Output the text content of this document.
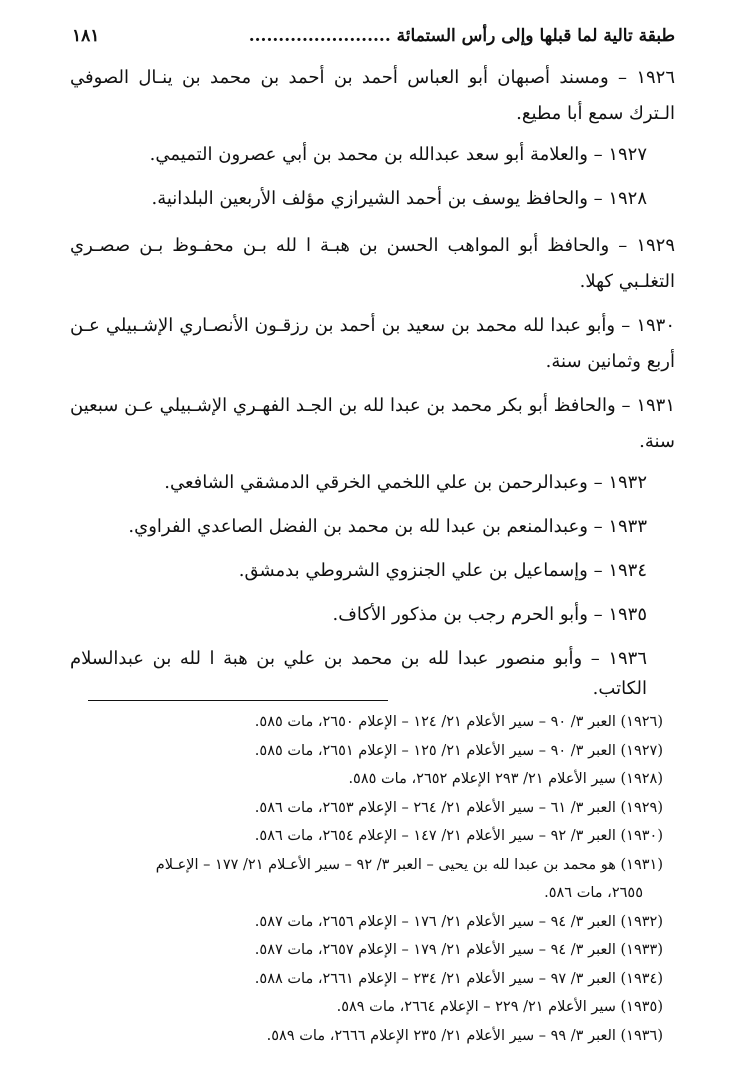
١٨١	طبقة تالية لما قبلها وإلى رأس الستمائة ........................

١٩٢٦ – ومسند أصبهان أبو العباس أحمد بن أحمد بن محمد بن ينـال الصوفي الـترك سمع أبا مطيع.

١٩٢٧ – والعلامة أبو سعد عبدالله بن محمد بن أبي عصرون التميمي.

١٩٢٨ – والحافظ يوسف بن أحمد الشيرازي مؤلف الأربعين البلدانية.

١٩٢٩ – والحافظ أبو المواهب الحسن بن هبـة ا لله بـن محفـوظ بـن صصـري التغلـبي كهلا.

١٩٣٠ – وأبو عبدا لله محمد بن سعيد بن أحمد بن رزقـون الأنصـاري الإشـبيلي عـن أربع وثمانين سنة.

١٩٣١ – والحافظ أبو بكر محمد بن عبدا لله بن الجـد الفهـري الإشـبيلي عـن سبعين سنة.

١٩٣٢ – وعبدالرحمن بن علي اللخمي الخرقي الدمشقي الشافعي.

١٩٣٣ – وعبدالمنعم بن عبدا لله بن محمد بن الفضل الصاعدي الفراوي.

١٩٣٤ – وإسماعيل بن علي الجنزوي الشروطي بدمشق.

١٩٣٥ – وأبو الحرم رجب بن مذكور الأكاف.

١٩٣٦ – وأبو منصور عبدا لله بن محمد بن علي بن هبة ا لله بن عبدالسلام الكاتب.

(١٩٢٦) العبر ٣/ ٩٠ – سير الأعلام ٢١/ ١٢٤ – الإعلام ٢٦٥٠، مات ٥٨٥.
(١٩٢٧) العبر ٣/ ٩٠ – سير الأعلام ٢١/ ١٢٥ – الإعلام ٢٦٥١، مات ٥٨٥.
(١٩٢٨) سير الأعلام ٢١/ ٢٩٣ الإعلام ٢٦٥٢، مات ٥٨٥.
(١٩٢٩) العبر ٣/ ٦١ – سير الأعلام ٢١/ ٢٦٤ – الإعلام ٢٦٥٣، مات ٥٨٦.
(١٩٣٠) العبر ٣/ ٩٢ – سير الأعلام ٢١/ ١٤٧ – الإعلام ٢٦٥٤، مات ٥٨٦.
(١٩٣١) هو محمد بن عبدا لله بن يحيى – العبر ٣/ ٩٢ – سير الأعـلام ٢١/ ١٧٧ – الإعـلام
٢٦٥٥، مات ٥٨٦.
(١٩٣٢) العبر ٣/ ٩٤ – سير الأعلام ٢١/ ١٧٦ – الإعلام ٢٦٥٦، مات ٥٨٧.
(١٩٣٣) العبر ٣/ ٩٤ – سير الأعلام ٢١/ ١٧٩ – الإعلام ٢٦٥٧، مات ٥٨٧.
(١٩٣٤) العبر ٣/ ٩٧ – سير الأعلام ٢١/ ٢٣٤ – الإعلام ٢٦٦١، مات ٥٨٨.
(١٩٣٥) سير الأعلام ٢١/ ٢٢٩ – الإعلام ٢٦٦٤، مات ٥٨٩.
(١٩٣٦) العبر ٣/ ٩٩ – سير الأعلام ٢١/ ٢٣٥ الإعلام ٢٦٦٦، مات ٥٨٩.
